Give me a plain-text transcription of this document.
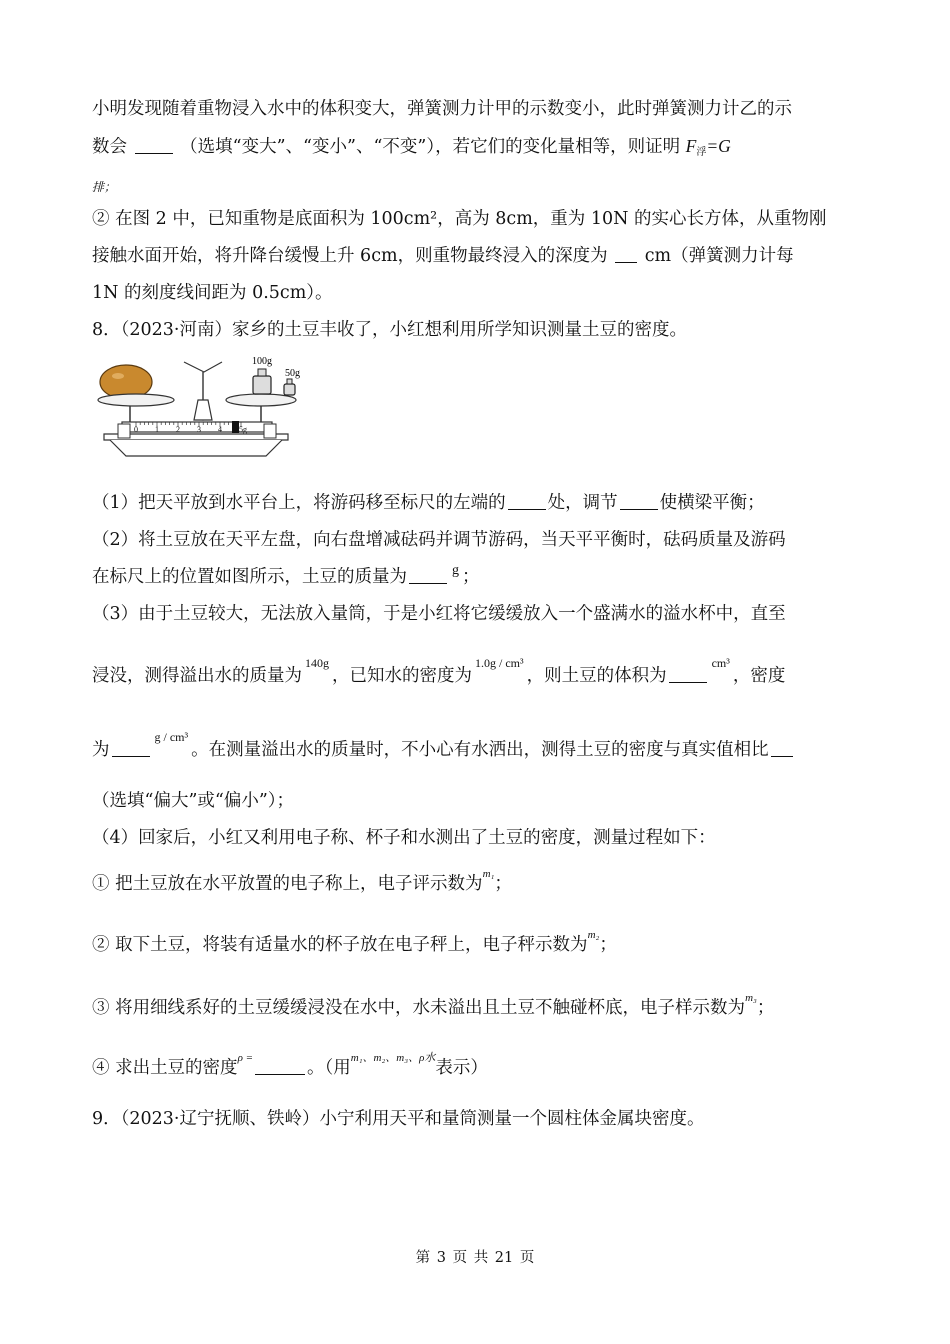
小明发现随着重物浸入水中的体积变大，弹簧测力计甲的示数变小，此时弹簧测力计乙的示
数会	（选填“变大”、“变小”、“不变”），若它们的变化量相等，则证明 F浮=G
排；
② 在图 2 中，已知重物是底面积为 100cm²，高为 8cm，重为 10N 的实心长方体，从重物刚
接触水面开始，将升降台缓慢上升 6cm，则重物最终浸入的深度为 cm（弹簧测力计每
1N 的刻度线间距为 0.5cm）。
8．（2023·河南）家乡的土豆丰收了，小红想利用所学知识测量土豆的密度。
100g
50g
0 1 2 3 4 5g
（1）把天平放到水平台上，将游码移至标尺的左端的 处，调节 使横梁平衡；
（2）将土豆放在天平左盘，向右盘增减砝码并调节游码，当天平平衡时，砝码质量及游码
在标尺上的位置如图所示，土豆的质量为	$^g$ ；
（3）由于土豆较大，无法放入量筒，于是小红将它缓缓放入一个盛满水的溢水杯中，直至
浸没，测得溢出水的质量为$^{140g}$，已知水的密度为$^{1.0g / cm^3}$，则土豆的体积为$^{cm^3}$，密度
为$^{g / cm^3}$。在测量溢出水的质量时，不小心有水洒出，测得土豆的密度与真实值相比
（选填“偏大”或“偏小”）；
（4）回家后，小红又利用电子称、杯子和水测出了土豆的密度，测量过程如下：
① 把土豆放在水平放置的电子称上，电子评示数为$^{m_1}$；
② 取下土豆，将装有适量水的杯子放在电子秤上，电子秤示数为$^{m_2}$；
③ 将用细线系好的土豆缓缓浸没在水中，水未溢出且土豆不触碰杯底，电子样示数为$^{m_3}$；
④ 求出土豆的密度$^{\rho =}$	。（用$^{m_1、m_2、m_3、\rho 水}$表示）
9．（2023·辽宁抚顺、铁岭）小宁利用天平和量筒测量一个圆柱体金属块密度。
第 3 页 共 21 页
